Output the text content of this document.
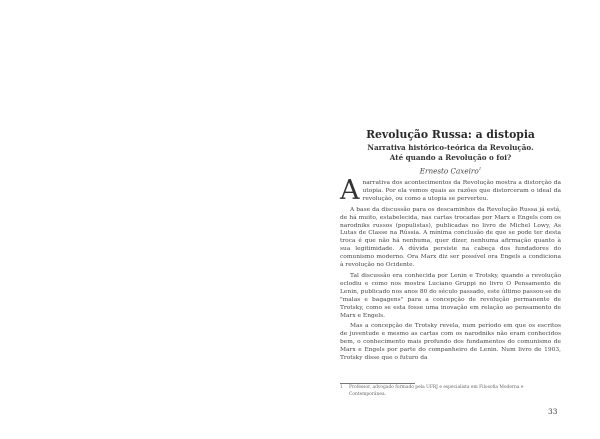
Revolução Russa: a distopia
Narrativa histórico-teórica da Revolução.
Até quando a Revolução o foi?
Ernesto Caxeiro$^1$

Anarrativa dos acontecimentos da Revolução mostra a distorção da utopia. Por ela vemos quais as razões que distorceram o ideal da revolução, ou como a utopia se perverteu.

A base da discussão para os descaminhos da Revolução Russa já está, de há muito, estabelecida, nas cartas trocadas por Marx e Engels com os narodniks russos (populistas), publicadas no livro de Michel Lowy, As Lutas de Classe na Rússia. A mínima conclusão de que se pode ter desta troca é que não há nenhuma, quer dizer, nenhuma afirmação quanto à sua legitimidade. A dúvida persiste na cabeça dos fundadores do comunismo moderno. Ora Marx diz ser possível ora Engels a condiciona à revolução no Ocidente.

Tal discussão era conhecida por Lenin e Trotsky, quando a revolução eclodiu e como nos mostra Luciano Gruppi no livro O Pensamento de Lenin, publicado nos anos 80 do século passado, este último passou-se de "malas e bagagens" para a concepção de revolução permanente de Trotsky, como se esta fosse uma inovação em relação ao pensamento de Marx e Engels.

Mas a concepção de Trotsky revela, num período em que os escritos de juventude e mesmo as cartas com os narodniks não eram conhecidos bem, o conhecimento mais profundo dos fundamentos do comunismo de Marx e Engels por parte do companheiro de Lenin. Num livro de 1903, Trotsky disse que o futuro da

1 Professor, advogado formado pela UFRJ e especialista em Filosofia Moderna e
Contemporânea.
33
